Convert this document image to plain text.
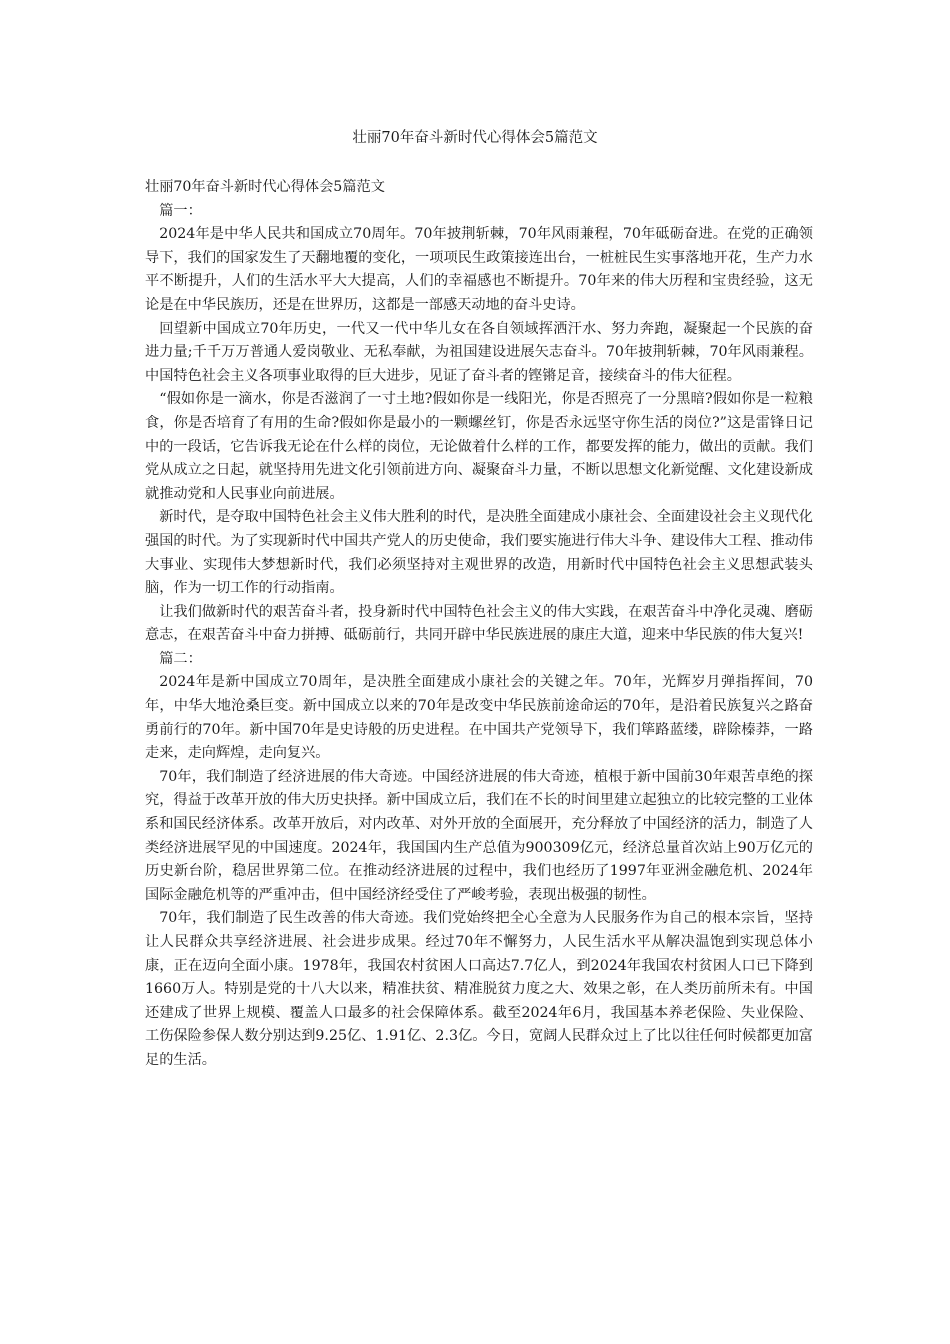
壮丽70年奋斗新时代心得体会5篇范文

壮丽70年奋斗新时代心得体会5篇范文

篇一：

2024年是中华人民共和国成立70周年。70年披荆斩棘，70年风雨兼程，70年砥砺奋进。在党的正确领导下，我们的国家发生了天翻地覆的变化，一项项民生政策接连出台，一桩桩民生实事落地开花，生产力水平不断提升，人们的生活水平大大提高，人们的幸福感也不断提升。70年来的伟大历程和宝贵经验，这无论是在中华民族历，还是在世界历，这都是一部感天动地的奋斗史诗。

回望新中国成立70年历史，一代又一代中华儿女在各自领域挥洒汗水、努力奔跑，凝聚起一个民族的奋进力量;千千万万普通人爱岗敬业、无私奉献，为祖国建设进展矢志奋斗。70年披荆斩棘，70年风雨兼程。中国特色社会主义各项事业取得的巨大进步，见证了奋斗者的铿锵足音，接续奋斗的伟大征程。

“假如你是一滴水，你是否滋润了一寸土地?假如你是一线阳光，你是否照亮了一分黑暗?假如你是一粒粮食，你是否培育了有用的生命?假如你是最小的一颗螺丝钉，你是否永远坚守你生活的岗位?”这是雷锋日记中的一段话，它告诉我无论在什么样的岗位，无论做着什么样的工作，都要发挥的能力，做出的贡献。我们党从成立之日起，就坚持用先进文化引领前进方向、凝聚奋斗力量，不断以思想文化新觉醒、文化建设新成就推动党和人民事业向前进展。

新时代，是夺取中国特色社会主义伟大胜利的时代，是决胜全面建成小康社会、全面建设社会主义现代化强国的时代。为了实现新时代中国共产党人的历史使命，我们要实施进行伟大斗争、建设伟大工程、推动伟大事业、实现伟大梦想新时代，我们必须坚持对主观世界的改造，用新时代中国特色社会主义思想武装头脑，作为一切工作的行动指南。

让我们做新时代的艰苦奋斗者，投身新时代中国特色社会主义的伟大实践，在艰苦奋斗中净化灵魂、磨砺意志，在艰苦奋斗中奋力拼搏、砥砺前行，共同开辟中华民族进展的康庄大道，迎来中华民族的伟大复兴!

篇二：

2024年是新中国成立70周年，是决胜全面建成小康社会的关键之年。70年，光辉岁月弹指挥间，70年，中华大地沧桑巨变。新中国成立以来的70年是改变中华民族前途命运的70年，是沿着民族复兴之路奋勇前行的70年。新中国70年是史诗般的历史进程。在中国共产党领导下，我们筚路蓝缕，辟除榛莽，一路走来，走向辉煌，走向复兴。

70年，我们制造了经济进展的伟大奇迹。中国经济进展的伟大奇迹，植根于新中国前30年艰苦卓绝的探究，得益于改革开放的伟大历史抉择。新中国成立后，我们在不长的时间里建立起独立的比较完整的工业体系和国民经济体系。改革开放后，对内改革、对外开放的全面展开，充分释放了中国经济的活力，制造了人类经济进展罕见的中国速度。2024年，我国国内生产总值为900309亿元，经济总量首次站上90万亿元的历史新台阶，稳居世界第二位。在推动经济进展的过程中，我们也经历了1997年亚洲金融危机、2024年国际金融危机等的严重冲击，但中国经济经受住了严峻考验，表现出极强的韧性。

70年，我们制造了民生改善的伟大奇迹。我们党始终把全心全意为人民服务作为自己的根本宗旨，坚持让人民群众共享经济进展、社会进步成果。经过70年不懈努力，人民生活水平从解决温饱到实现总体小康，正在迈向全面小康。1978年，我国农村贫困人口高达7.7亿人，到2024年我国农村贫困人口已下降到1660万人。特别是党的十八大以来，精准扶贫、精准脱贫力度之大、效果之彰，在人类历前所未有。中国还建成了世界上规模、覆盖人口最多的社会保障体系。截至2024年6月，我国基本养老保险、失业保险、工伤保险参保人数分别达到9.25亿、1.91亿、2.3亿。今日，宽阔人民群众过上了比以往任何时候都更加富足的生活。
